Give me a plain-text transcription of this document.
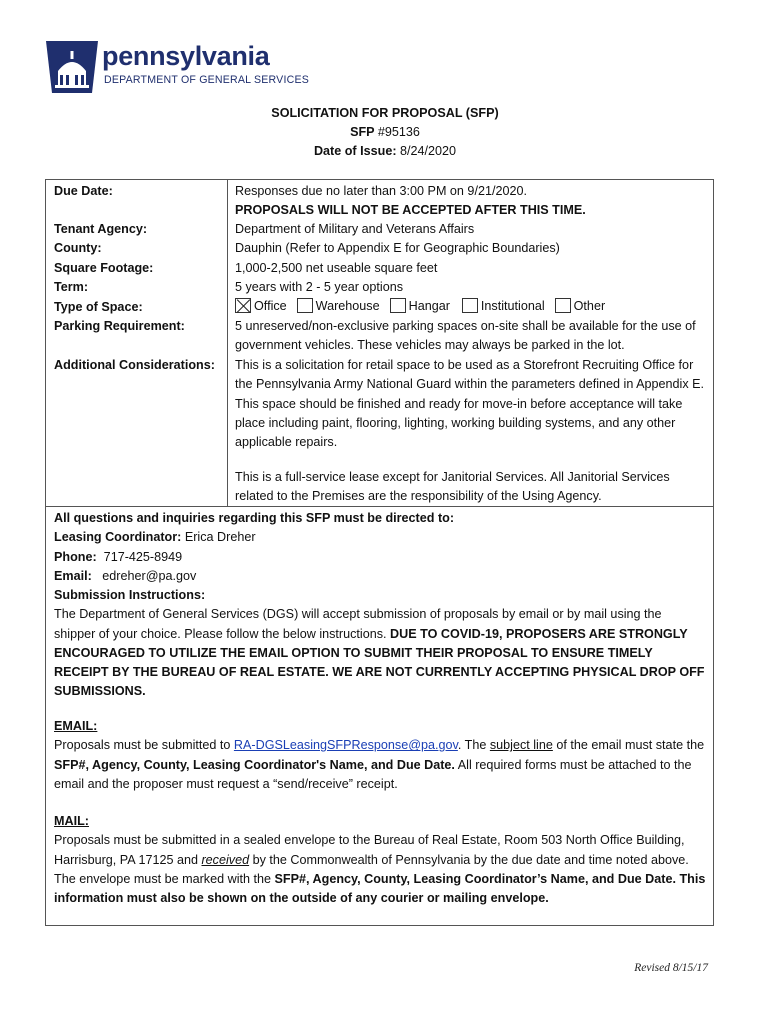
pennsylvania
DEPARTMENT OF GENERAL SERVICES
SOLICITATION FOR PROPOSAL (SFP)
SFP #95136
Date of Issue: 8/24/2020
Due Date:
Tenant Agency:
County:
Square Footage:
Term:
Type of Space:
Parking Requirement:
Additional Considerations:
Responses due no later than 3:00 PM on 9/21/2020.
PROPOSALS WILL NOT BE ACCEPTED AFTER THIS TIME.
Department of Military and Veterans Affairs
Dauphin (Refer to Appendix E for Geographic Boundaries)
1,000-2,500 net useable square feet
5 years with 2 - 5 year options
Office Warehouse Hangar Institutional Other
5 unreserved/non-exclusive parking spaces on-site shall be available for the use of government vehicles. These vehicles may always be parked in the lot.
This is a solicitation for retail space to be used as a Storefront Recruiting Office for the Pennsylvania Army National Guard within the parameters defined in Appendix E. This space should be finished and ready for move-in before acceptance will take place including paint, flooring, lighting, working building systems, and any other applicable repairs.
This is a full-service lease except for Janitorial Services. All Janitorial Services related to the Premises are the responsibility of the Using Agency.
All questions and inquiries regarding this SFP must be directed to:
Leasing Coordinator: Erica Dreher
Phone:  717-425-8949
Email:   edreher@pa.gov
Submission Instructions:
The Department of General Services (DGS) will accept submission of proposals by email or by mail using the shipper of your choice. Please follow the below instructions. DUE TO COVID-19, PROPOSERS ARE STRONGLY ENCOURAGED TO UTILIZE THE EMAIL OPTION TO SUBMIT THEIR PROPOSAL TO ENSURE TIMELY RECEIPT BY THE BUREAU OF REAL ESTATE. WE ARE NOT CURRENTLY ACCEPTING PHYSICAL DROP OFF SUBMISSIONS.
EMAIL:
Proposals must be submitted to RA-DGSLeasingSFPResponse@pa.gov. The subject line of the email must state the SFP#, Agency, County, Leasing Coordinator's Name, and Due Date. All required forms must be attached to the email and the proposer must request a “send/receive” receipt.
MAIL:
Proposals must be submitted in a sealed envelope to the Bureau of Real Estate, Room 503 North Office Building, Harrisburg, PA 17125 and received by the Commonwealth of Pennsylvania by the due date and time noted above. The envelope must be marked with the SFP#, Agency, County, Leasing Coordinator’s Name, and Due Date. This information must also be shown on the outside of any courier or mailing envelope.
Revised 8/15/17
